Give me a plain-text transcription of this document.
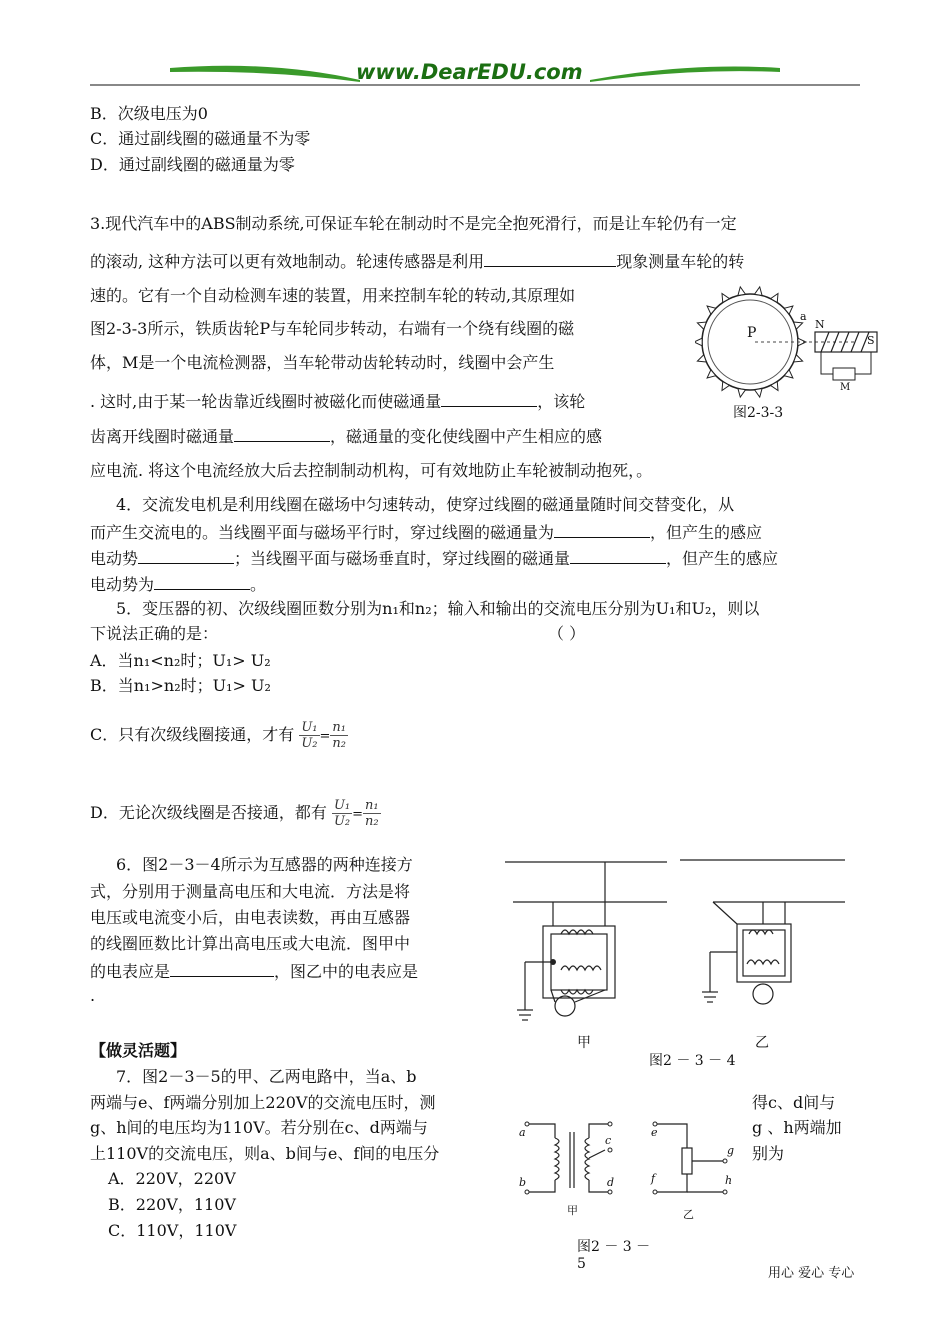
www.DearEDU.com
B．次级电压为0
C．通过副线圈的磁通量不为零
D．通过副线圈的磁通量为零
3.现代汽车中的ABS制动系统,可保证车轮在制动时不是完全抱死滑行，而是让车轮仍有一定
的滚动, 这种方法可以更有效地制动。轮速传感器是利用	现象测量车轮的转
速的。它有一个自动检测车速的装置，用来控制车轮的转动,其原理如
图2-3-3所示，铁质齿轮P与车轮同步转动，右端有一个绕有线圈的磁
体，M是一个电流检测器，当车轮带动齿轮转动时，线圈中会产生
. 这时,由于某一轮齿靠近线圈时被磁化而使磁通量	，该轮
齿离开线圈时磁通量	，磁通量的变化使线圈中产生相应的感
应电流. 将这个电流经放大后去控制制动机构，可有效地防止车轮被制动抱死，。
P
a
N
S
M
图2-3-3
4．交流发电机是利用线圈在磁场中匀速转动，使穿过线圈的磁通量随时间交替变化，从
而产生交流电的。当线圈平面与磁场平行时，穿过线圈的磁通量为	，但产生的感应
电动势	；当线圈平面与磁场垂直时，穿过线圈的磁通量	，但产生的感应
电动势为	。
5．变压器的初、次级线圈匝数分别为n₁和n₂；输入和输出的交流电压分别为U₁和U₂，则以
下说法正确的是：	（ ）
A．当n₁<n₂时；U₁> U₂
B．当n₁>n₂时；U₁> U₂
C．只有次级线圈接通，才有 $\frac{\text{U₁}}{\text{U₂}} = \frac{\text{n₁}}{\text{n₂}}$
D．无论次级线圈是否接通，都有 $\frac{\text{U₁}}{\text{U₂}} = \frac{\text{n₁}}{\text{n₂}}$
6．图2－3－4所示为互感器的两种连接方
式，分别用于测量高电压和大电流．方法是将
电压或电流变小后，由电表读数，再由互感器
的线圈匝数比计算出高电压或大电流．图甲中
的电表应是	，图乙中的电表应是
.
甲	乙
图2 － 3 － 4
【做灵活题】
7．图2－3－5的甲、乙两电路中，当a、b
两端与e、f两端分别加上220V的交流电压时，测
g、h间的电压均为110V。若分别在c、d两端与
上110V的交流电压，则a、b间与e、f间的电压分
得c、d间与
g 、h两端加
别为
A．220V，220V
B．220V，110V
C．110V，110V
a
b
c
d
e
f
g
h
甲	乙
图2 － 3 －
5
用心 爱心 专心
